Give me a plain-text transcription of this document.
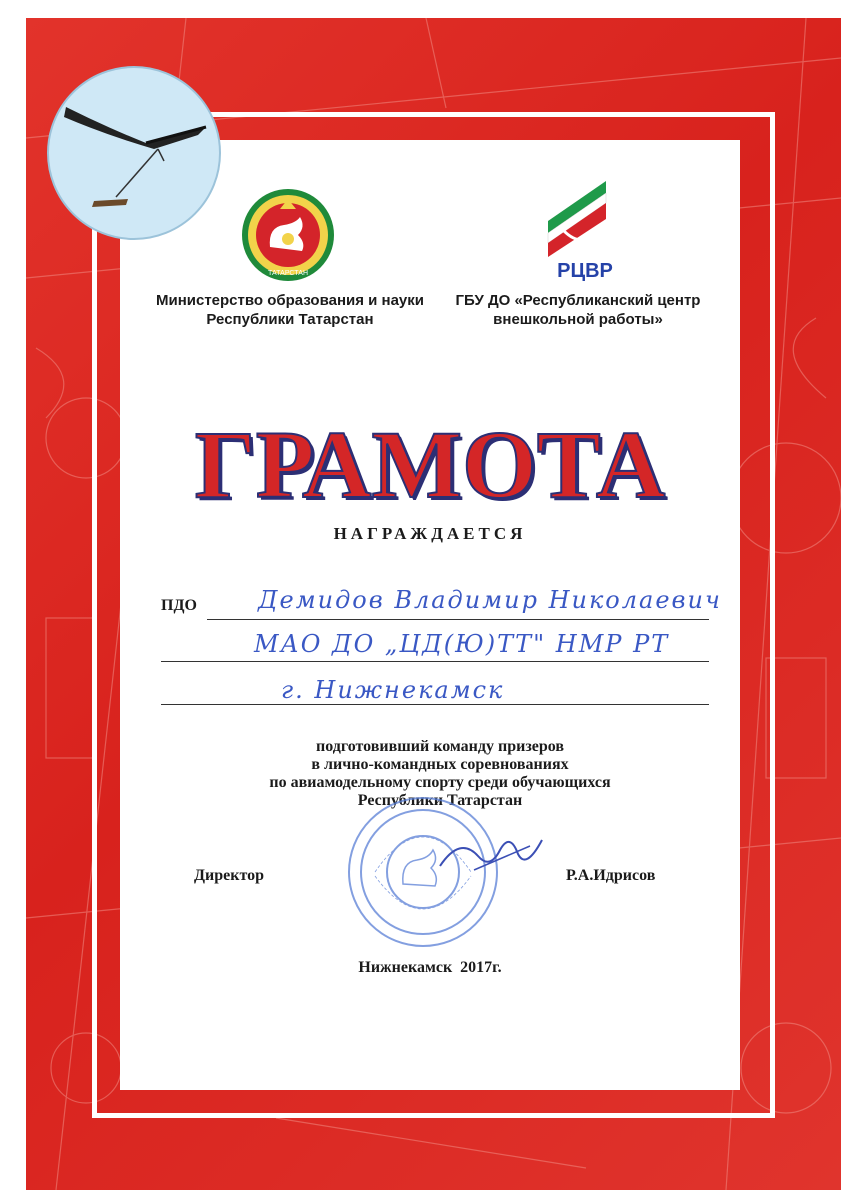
ТАТАРСТАН	РЦВР
Министерство образования и науки
Республики Татарстан
ГБУ ДО «Республиканский центр
внешкольной работы»
ГРАМОТА
НАГРАЖДАЕТСЯ
ПДО	Демидов Владимир Николаевич
МАО ДО „ЦД(Ю)ТТ" НМР РТ
г. Нижнекамск
подготовивший команду призеров
в лично-командных соревнованиях
по авиамодельному спорту среди обучающихся
Республики Татарстан
Директор	Р.А.Идрисов
Нижнекамск  2017г.
